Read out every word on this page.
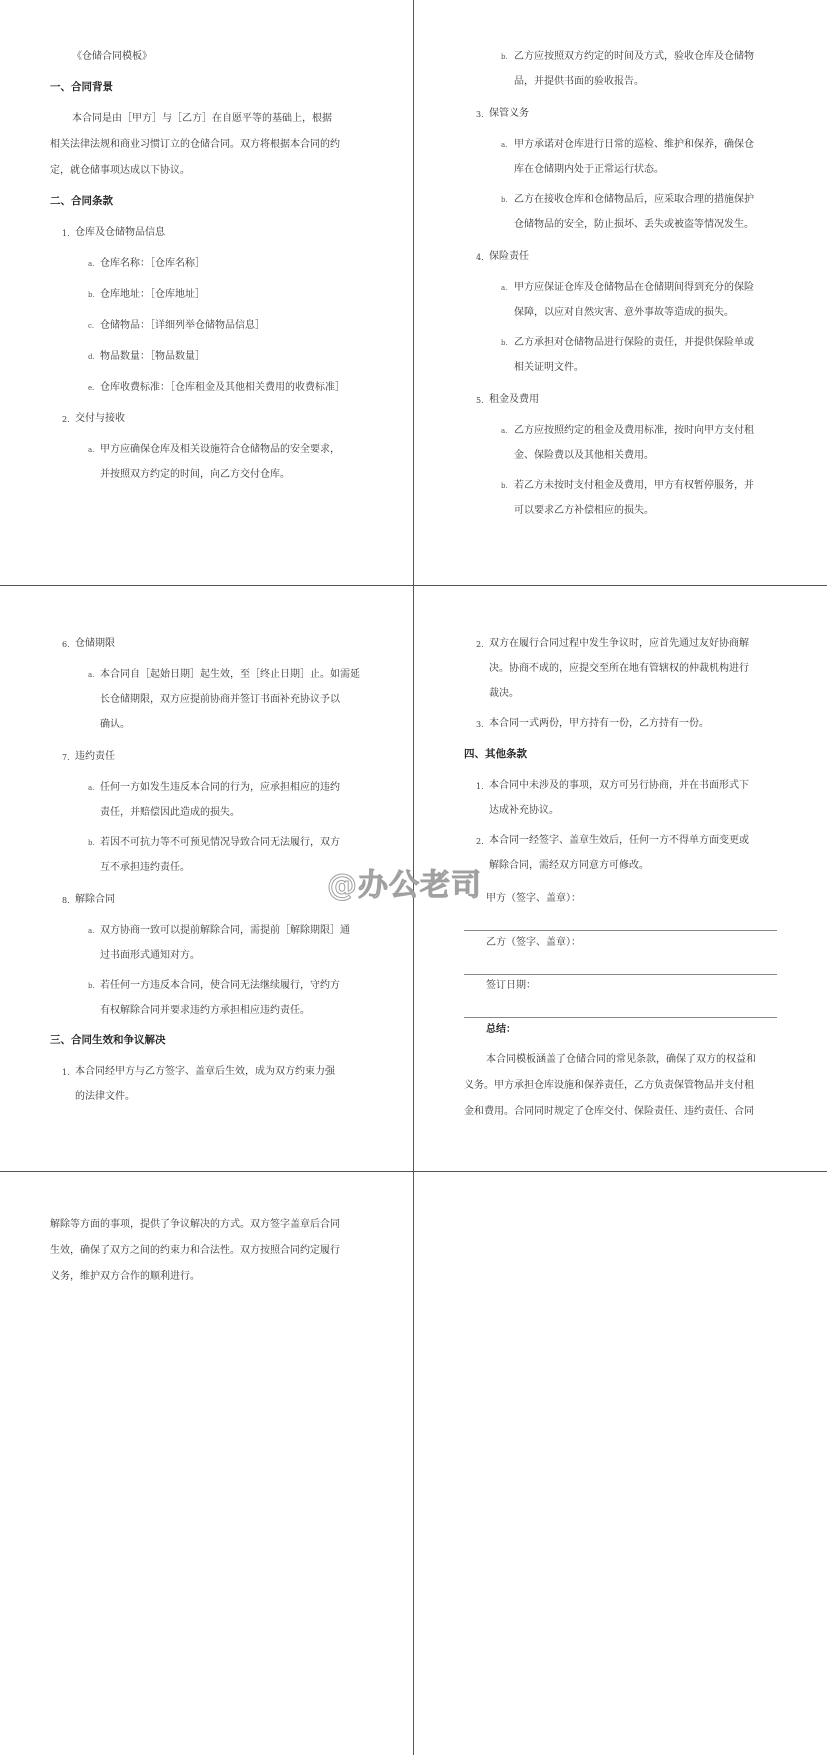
《仓储合同模板》
一、合同背景
本合同是由［甲方］与［乙方］在自愿平等的基础上，根据
相关法律法规和商业习惯订立的仓储合同。双方将根据本合同的约
定，就仓储事项达成以下协议。
二、合同条款
1. 仓库及仓储物品信息
a. 仓库名称：［仓库名称］
b. 仓库地址：［仓库地址］
c. 仓储物品：［详细列举仓储物品信息］
d. 物品数量：［物品数量］
e. 仓库收费标准：［仓库租金及其他相关费用的收费标准］
2. 交付与接收
a. 甲方应确保仓库及相关设施符合仓储物品的安全要求，
并按照双方约定的时间，向乙方交付仓库。
b. 乙方应按照双方约定的时间及方式，验收仓库及仓储物
品，并提供书面的验收报告。
3. 保管义务
a. 甲方承诺对仓库进行日常的巡检、维护和保养，确保仓
库在仓储期内处于正常运行状态。
b. 乙方在接收仓库和仓储物品后，应采取合理的措施保护
仓储物品的安全，防止损坏、丢失或被盗等情况发生。
4. 保险责任
a. 甲方应保证仓库及仓储物品在仓储期间得到充分的保险
保障，以应对自然灾害、意外事故等造成的损失。
b. 乙方承担对仓储物品进行保险的责任，并提供保险单或
相关证明文件。
5. 租金及费用
a. 乙方应按照约定的租金及费用标准，按时向甲方支付租
金、保险费以及其他相关费用。
b. 若乙方未按时支付租金及费用，甲方有权暂停服务，并
可以要求乙方补偿相应的损失。
6. 仓储期限
a. 本合同自［起始日期］起生效，至［终止日期］止。如需延
长仓储期限，双方应提前协商并签订书面补充协议予以
确认。
7. 违约责任
a. 任何一方如发生违反本合同的行为，应承担相应的违约
责任，并赔偿因此造成的损失。
b. 若因不可抗力等不可预见情况导致合同无法履行，双方
互不承担违约责任。
8. 解除合同
a. 双方协商一致可以提前解除合同，需提前［解除期限］通
过书面形式通知对方。
b. 若任何一方违反本合同，使合同无法继续履行，守约方
有权解除合同并要求违约方承担相应违约责任。
三、合同生效和争议解决
1. 本合同经甲方与乙方签字、盖章后生效，成为双方约束力强
的法律文件。
2. 双方在履行合同过程中发生争议时，应首先通过友好协商解
决。协商不成的，应提交至所在地有管辖权的仲裁机构进行
裁决。
3. 本合同一式两份，甲方持有一份，乙方持有一份。
四、其他条款
1. 本合同中未涉及的事项，双方可另行协商，并在书面形式下
达成补充协议。
2. 本合同一经签字、盖章生效后，任何一方不得单方面变更或
解除合同，需经双方同意方可修改。
甲方（签字、盖章）：
乙方（签字、盖章）：
签订日期：
总结：
本合同模板涵盖了仓储合同的常见条款，确保了双方的权益和
义务。甲方承担仓库设施和保养责任，乙方负责保管物品并支付租
金和费用。合同同时规定了仓库交付、保险责任、违约责任、合同
解除等方面的事项，提供了争议解决的方式。双方签字盖章后合同
生效，确保了双方之间的约束力和合法性。双方按照合同约定履行
义务，维护双方合作的顺利进行。
@办公老司
